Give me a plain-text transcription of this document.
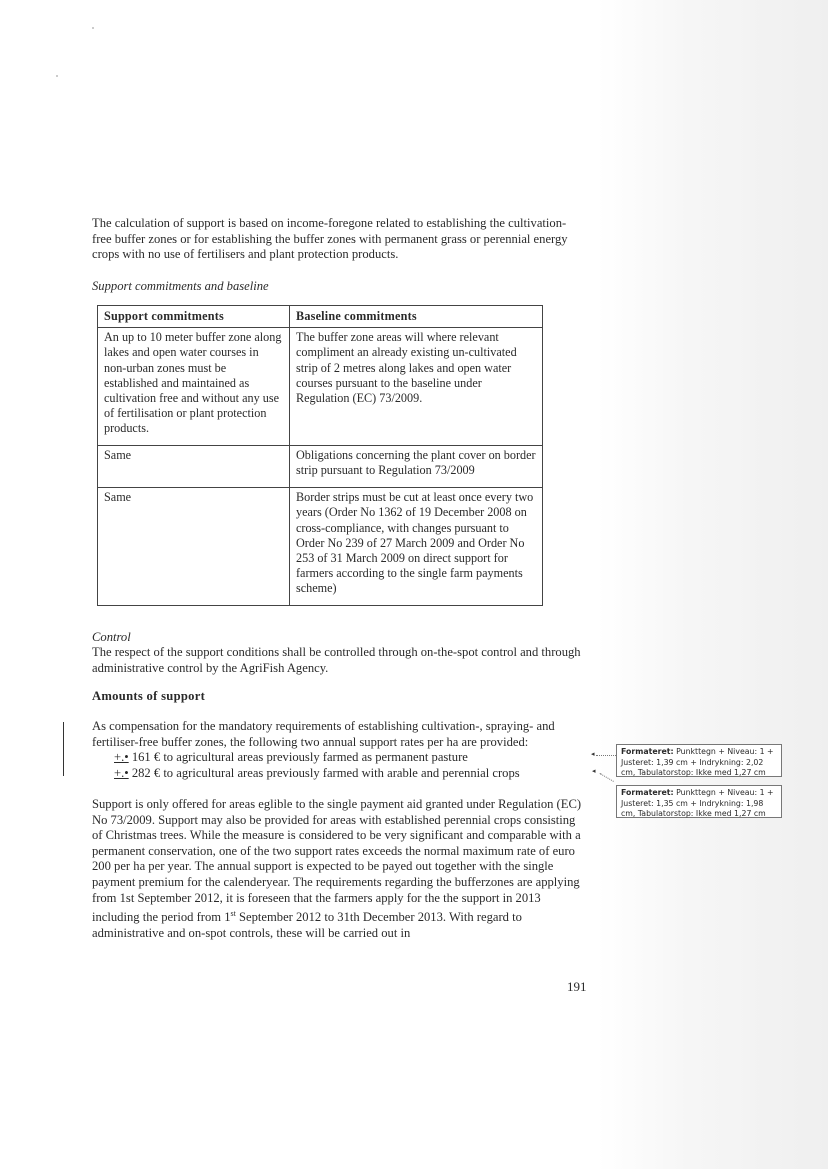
The calculation of support is based on income-foregone related to establishing the cultivation-free buffer zones or for establishing the buffer zones with permanent grass or perennial energy crops with no use of fertilisers and plant protection products.

Support commitments and baseline

Support commitments	Baseline commitments
An up to 10 meter buffer zone along lakes and open water courses in non-urban zones must be established and maintained as cultivation free and without any use of fertilisation or plant protection products.	The buffer zone areas will where relevant compliment an already existing un-cultivated strip of 2 metres along lakes and open water courses pursuant to the baseline under Regulation (EC) 73/2009.
Same	Obligations concerning the plant cover on border strip pursuant to Regulation 73/2009
Same	Border strips must be cut at least once every two years (Order No 1362 of 19 December 2008 on cross-compliance, with changes pursuant to Order No 239 of 27 March 2009 and Order No 253 of 31 March 2009 on direct support for farmers according to the single farm payments scheme)

Control

The respect of the support conditions shall be controlled through on-the-spot control and through administrative control by the AgriFish Agency.

Amounts of support

As compensation for the mandatory requirements of establishing cultivation-, spraying- and fertiliser-free buffer zones, the following two annual support rates per ha are provided:

+.• 161 € to agricultural areas previously farmed as permanent pasture
+.• 282 € to agricultural areas previously farmed with arable and perennial crops

Support is only offered for areas eglible to the single payment aid granted under Regulation (EC) No 73/2009. Support may also be provided for areas with established perennial crops consisting of Christmas trees. While the measure is considered to be very significant and comparable with a permanent conservation, one of the two support rates exceeds the normal maximum rate of euro 200 per ha per year. The annual support is expected to be payed out together with the single payment premium for the calenderyear. The requirements regarding the bufferzones are applying from 1st September 2012, it is foreseen that the farmers apply for the the support in 2013 including the period from 1st September 2012 to 31th December 2013. With regard to administrative and on-spot controls, these will be carried out in

◂
◂
Formateret: Punkttegn + Niveau: 1 + Justeret: 1,39 cm + Indrykning: 2,02 cm, Tabulatorstop: Ikke med 1,27 cm
Formateret: Punkttegn + Niveau: 1 + Justeret: 1,35 cm + Indrykning: 1,98 cm, Tabulatorstop: Ikke med 1,27 cm
191
